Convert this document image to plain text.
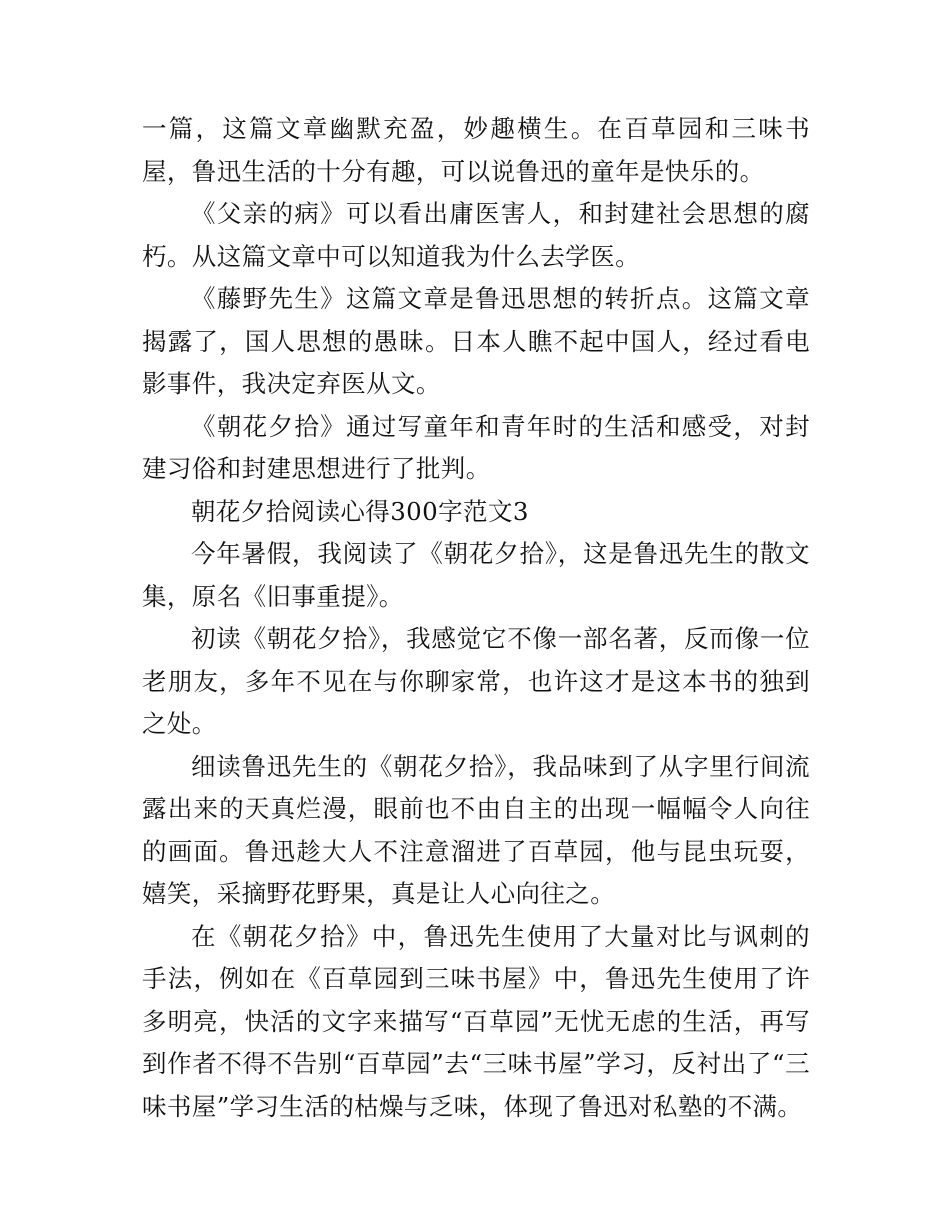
一篇，这篇文章幽默充盈，妙趣横生。在百草园和三味书屋，鲁迅生活的十分有趣，可以说鲁迅的童年是快乐的。

《父亲的病》可以看出庸医害人，和封建社会思想的腐朽。从这篇文章中可以知道我为什么去学医。

《藤野先生》这篇文章是鲁迅思想的转折点。这篇文章揭露了，国人思想的愚昧。日本人瞧不起中国人，经过看电影事件，我决定弃医从文。

《朝花夕拾》通过写童年和青年时的生活和感受，对封建习俗和封建思想进行了批判。

朝花夕拾阅读心得300字范文3

今年暑假，我阅读了《朝花夕拾》，这是鲁迅先生的散文集，原名《旧事重提》。

初读《朝花夕拾》，我感觉它不像一部名著，反而像一位老朋友，多年不见在与你聊家常，也许这才是这本书的独到之处。

细读鲁迅先生的《朝花夕拾》，我品味到了从字里行间流露出来的天真烂漫，眼前也不由自主的出现一幅幅令人向往的画面。鲁迅趁大人不注意溜进了百草园，他与昆虫玩耍，嬉笑，采摘野花野果，真是让人心向往之。

在《朝花夕拾》中，鲁迅先生使用了大量对比与讽刺的手法，例如在《百草园到三味书屋》中，鲁迅先生使用了许多明亮，快活的文字来描写“百草园”无忧无虑的生活，再写到作者不得不告别“百草园”去“三味书屋”学习，反衬出了“三味书屋”学习生活的枯燥与乏味，体现了鲁迅对私塾的不满。
